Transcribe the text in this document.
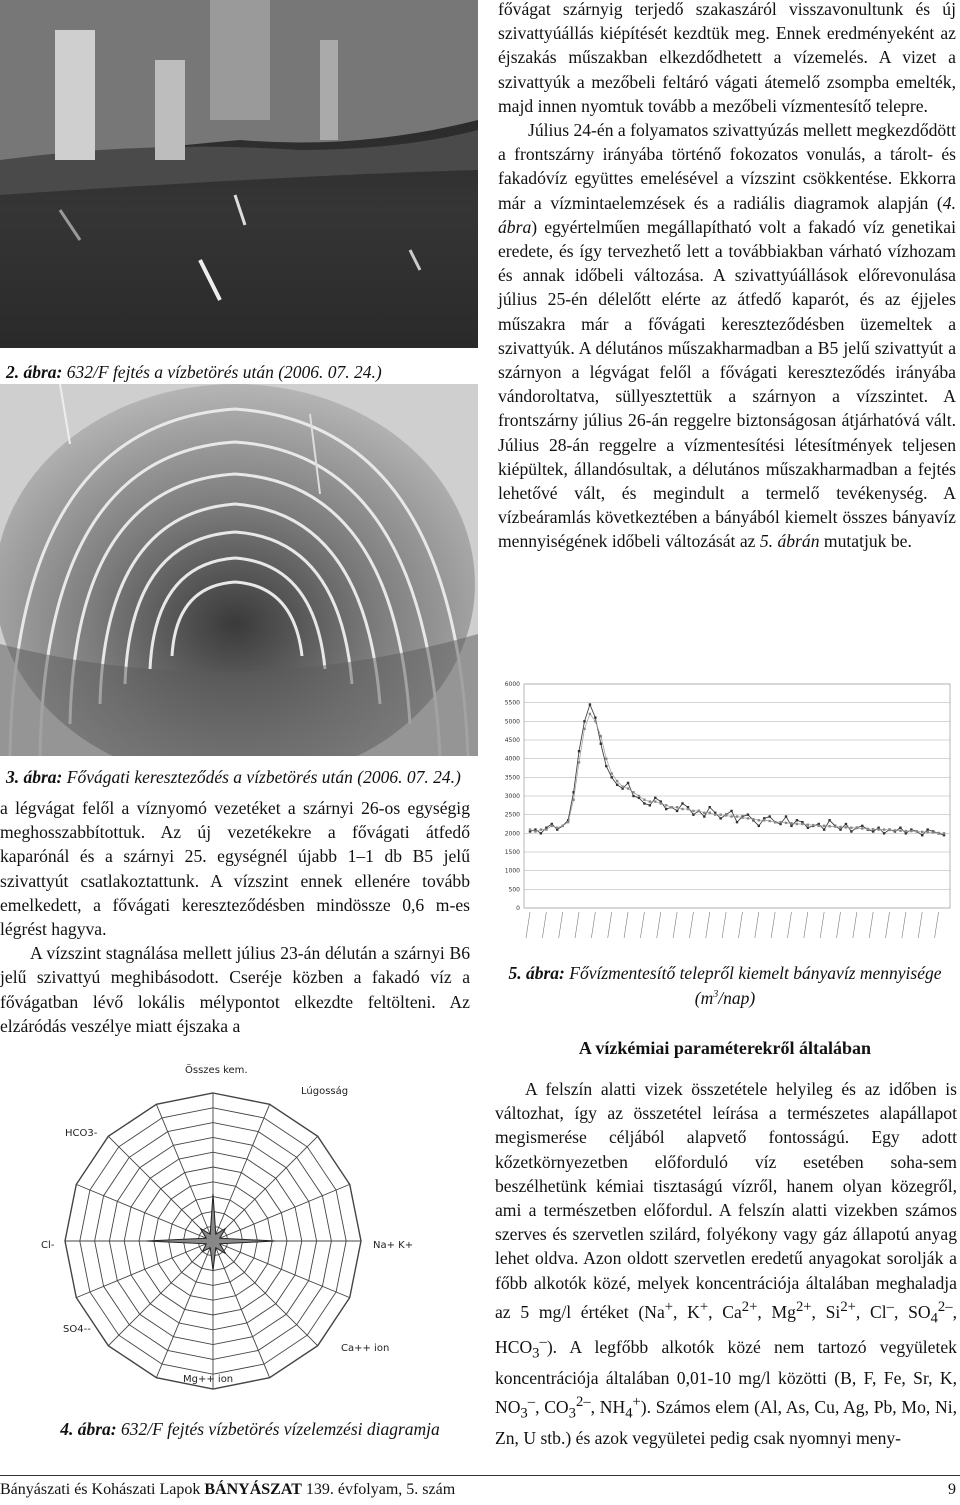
2. ábra: 632/F fejtés a vízbetörés után (2006. 07. 24.)
3. ábra: Fővágati kereszteződés a vízbetörés után (2006. 07. 24.)

fővágat szárnyig terjedő szakaszáról visszavonultunk és új szivattyúállás kiépítését kezdtük meg. Ennek eredményeként az éjszakás műszakban elkezdődhetett a vízemelés. A vizet a szivattyúk a mezőbeli feltáró vágati átemelő zsompba emelték, majd innen nyomtuk tovább a mezőbeli vízmentesítő telepre.

Július 24-én a folyamatos szivattyúzás mellett megkezdődött a frontszárny irányába történő fokozatos vonulás, a tárolt- és fakadóvíz együttes emelésével a vízszint csökkentése. Ekkorra már a vízmintaelemzések és a radiális diagramok alapján (4. ábra) egyértelműen megállapítható volt a fakadó víz genetikai eredete, és így tervezhető lett a továbbiakban várható vízhozam és annak időbeli változása. A szivattyúállások előrevonulása július 25-én délelőtt elérte az átfedő kaparót, és az éjjeles műszakra már a fővágati kereszteződésben üzemeltek a szivattyúk. A délutános műszakharmadban a B5 jelű szivattyút a szárnyon a légvágat felől a fővágati kereszteződés irányába vándoroltatva, süllyesztettük a szárnyon a vízszintet. A frontszárny július 26-án reggelre biztonságosan átjárhatóvá vált. Július 28-án reggelre a vízmentesítési létesítmények teljesen kiépültek, állandósultak, a délutános műszakharmadban a fejtés lehetővé vált, és megindult a termelő tevékenység. A vízbeáramlás következtében a bányából kiemelt összes bányavíz mennyiségének időbeli változását az 5. ábrán mutatjuk be.

a légvágat felől a víznyomó vezetéket a szárnyi 26-os egységig meghosszabbítottuk. Az új vezetékekre a fővágati átfedő kaparónál és a szárnyi 25. egységnél újabb 1–1 db B5 jelű szivattyút csatlakoztattunk. A vízszint ennek ellenére tovább emelkedett, a fővágati kereszteződésben mindössze 0,6 m-es légrést hagyva.

A vízszint stagnálása mellett július 23-án délután a szárnyi B6 jelű szivattyú meghibásodott. Cseréje közben a fakadó víz a fővágatban lévő lokális mélypontot elkezdte feltölteni. Az elzáródás veszélye miatt éjszaka a

0
500
1000
1500
2000
2500
3000
3500
4000
4500
5000
5500
6000
5. ábra: Fővízmentesítő telepről kiemelt bányavíz mennyisége
$(m^3/nap)$
A vízkémiai paraméterekről általában

A felszín alatti vizek összetétele helyileg és az időben is változhat, így az összetétel leírása a természetes alapállapot megismerése céljából alapvető fontosságú. Egy adott kőzetkörnyezetben előforduló víz esetében soha-sem beszélhetünk kémiai tisztaságú vízről, hanem olyan közegről, ami a természetben előfordul. A felszín alatti vizekben számos szerves és szervetlen szilárd, folyékony vagy gáz állapotú anyag lehet oldva. Azon oldott szervetlen eredetű anyagokat sorolják a főbb alkotók közé, melyek koncentrációja általában meghaladja az 5 mg/l értéket (Na+, K+, $Ca^{2+}$, $Mg^{2+}$, $Si^{2+}$, Cl–, $SO_4^{2-}$, $HCO_3^-$). A legfőbb alkotók közé nem tartozó vegyületek koncentrációja általában 0,01-10 mg/l közötti (B, F, Fe, Sr, K, $NO_3^-$, $CO_3^{2-}$, $NH_4^+$). Számos elem (Al, As, Cu, Ag, Pb, Mo, Ni, Zn, U stb.) és azok vegyületei pedig csak nyomnyi meny-

Összes kem.
Lúgosság
Na+ K+
Ca++ ion
Mg++ ion
SO4--
Cl-
HCO3-
4. ábra: 632/F fejtés vízbetörés vízelemzési diagramja
Bányászati és Kohászati Lapok BÁNYÁSZAT 139. évfolyam, 5. szám	9
